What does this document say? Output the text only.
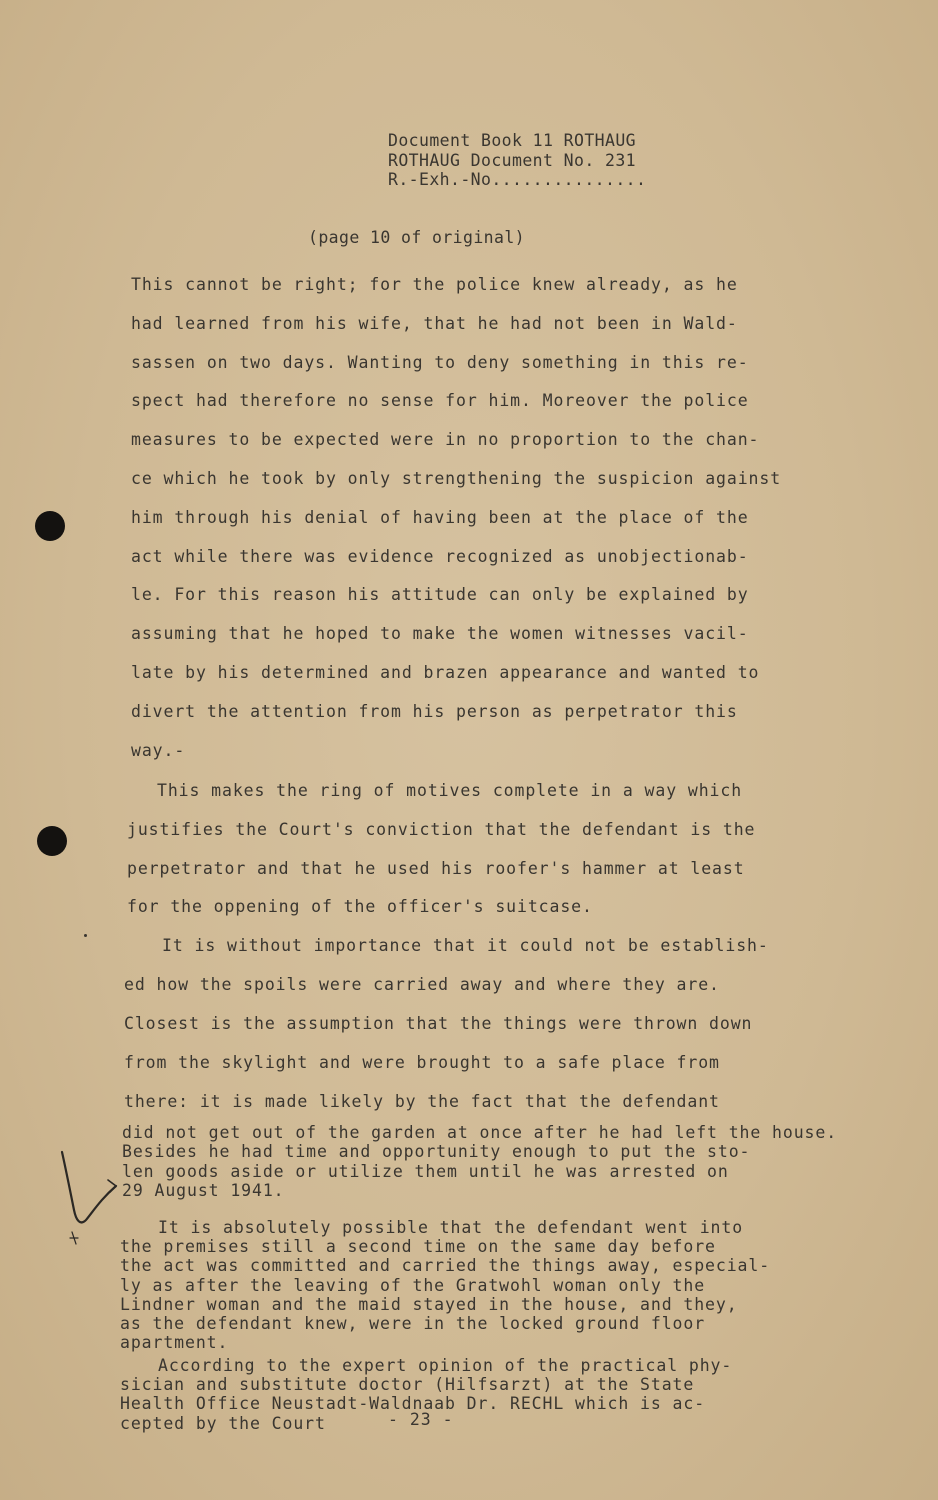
Document Book 11 ROTHAUG
ROTHAUG Document No. 231
R.-Exh.-No...............
(page 10 of original)
This cannot be right; for the police knew already, as he
had learned from his wife, that he had not been in Wald-
sassen on two days. Wanting to deny something in this re-
spect had therefore no sense for him. Moreover the police
measures to be expected were in no proportion to the chan-
ce which he took by only strengthening the suspicion against
him through his denial of having been at the place of the
act while there was evidence recognized as unobjectionab-
le. For this reason his attitude can only be explained by
assuming that he hoped to make the women witnesses vacil-
late by his determined and brazen appearance and wanted to
divert the attention from his person as perpetrator this
way.-
This makes the ring of motives complete in a way which
justifies the Court's conviction that the defendant is the
perpetrator and that he used his roofer's hammer at least
for the oppening of the officer's suitcase.
It is without importance that it could not be establish-
ed how the spoils were carried away and where they are.
Closest is the assumption that the things were thrown down
from the skylight and were brought to a safe place from
there: it is made likely by the fact that the defendant
did not get out of the garden at once after he had left the house.
Besides he had time and opportunity enough to put the sto-
len goods aside or utilize them until he was arrested on
29 August 1941.
It is absolutely possible that the defendant went into
the premises still a second time on the same day before
the act was committed and carried the things away, especial-
ly as after the leaving of the Gratwohl woman only the
Lindner woman and the maid stayed in the house, and they,
as the defendant knew, were in the locked ground floor
apartment.
According to the expert opinion of the practical phy-
sician and substitute doctor (Hilfsarzt) at the State
Health Office Neustadt-Waldnaab Dr. RECHL which is ac-
cepted by the Court	- 23 -
